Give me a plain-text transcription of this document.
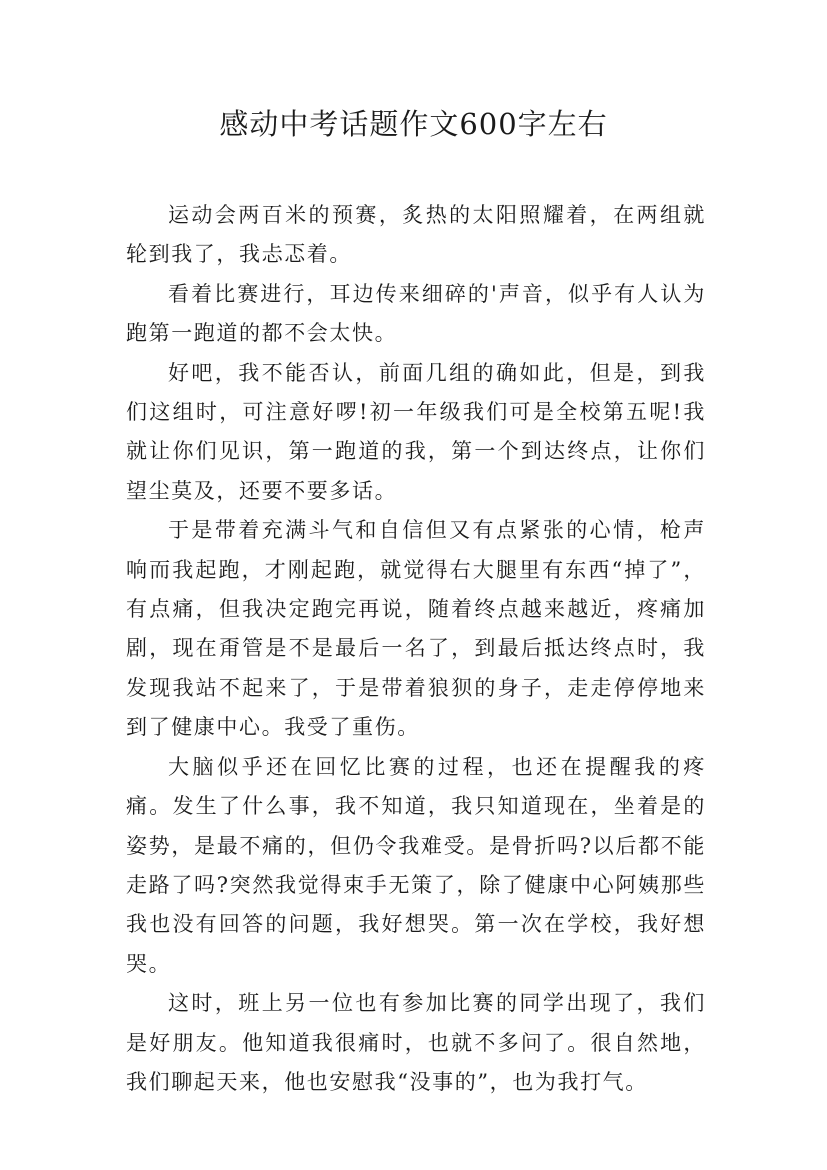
感动中考话题作文600字左右

运动会两百米的预赛，炙热的太阳照耀着，在两组就轮到我了，我忐忑着。

看着比赛进行，耳边传来细碎的'声音，似乎有人认为跑第一跑道的都不会太快。

好吧，我不能否认，前面几组的确如此，但是，到我们这组时，可注意好啰!初一年级我们可是全校第五呢!我就让你们见识，第一跑道的我，第一个到达终点，让你们望尘莫及，还要不要多话。

于是带着充满斗气和自信但又有点紧张的心情，枪声响而我起跑，才刚起跑，就觉得右大腿里有东西“掉了”，有点痛，但我决定跑完再说，随着终点越来越近，疼痛加剧，现在甭管是不是最后一名了，到最后抵达终点时，我发现我站不起来了，于是带着狼狈的身子，走走停停地来到了健康中心。我受了重伤。

大脑似乎还在回忆比赛的过程，也还在提醒我的疼痛。发生了什么事，我不知道，我只知道现在，坐着是的姿势，是最不痛的，但仍令我难受。是骨折吗?以后都不能走路了吗?突然我觉得束手无策了，除了健康中心阿姨那些我也没有回答的问题，我好想哭。第一次在学校，我好想哭。

这时，班上另一位也有参加比赛的同学出现了，我们是好朋友。他知道我很痛时，也就不多问了。很自然地，我们聊起天来，他也安慰我“没事的”，也为我打气。
